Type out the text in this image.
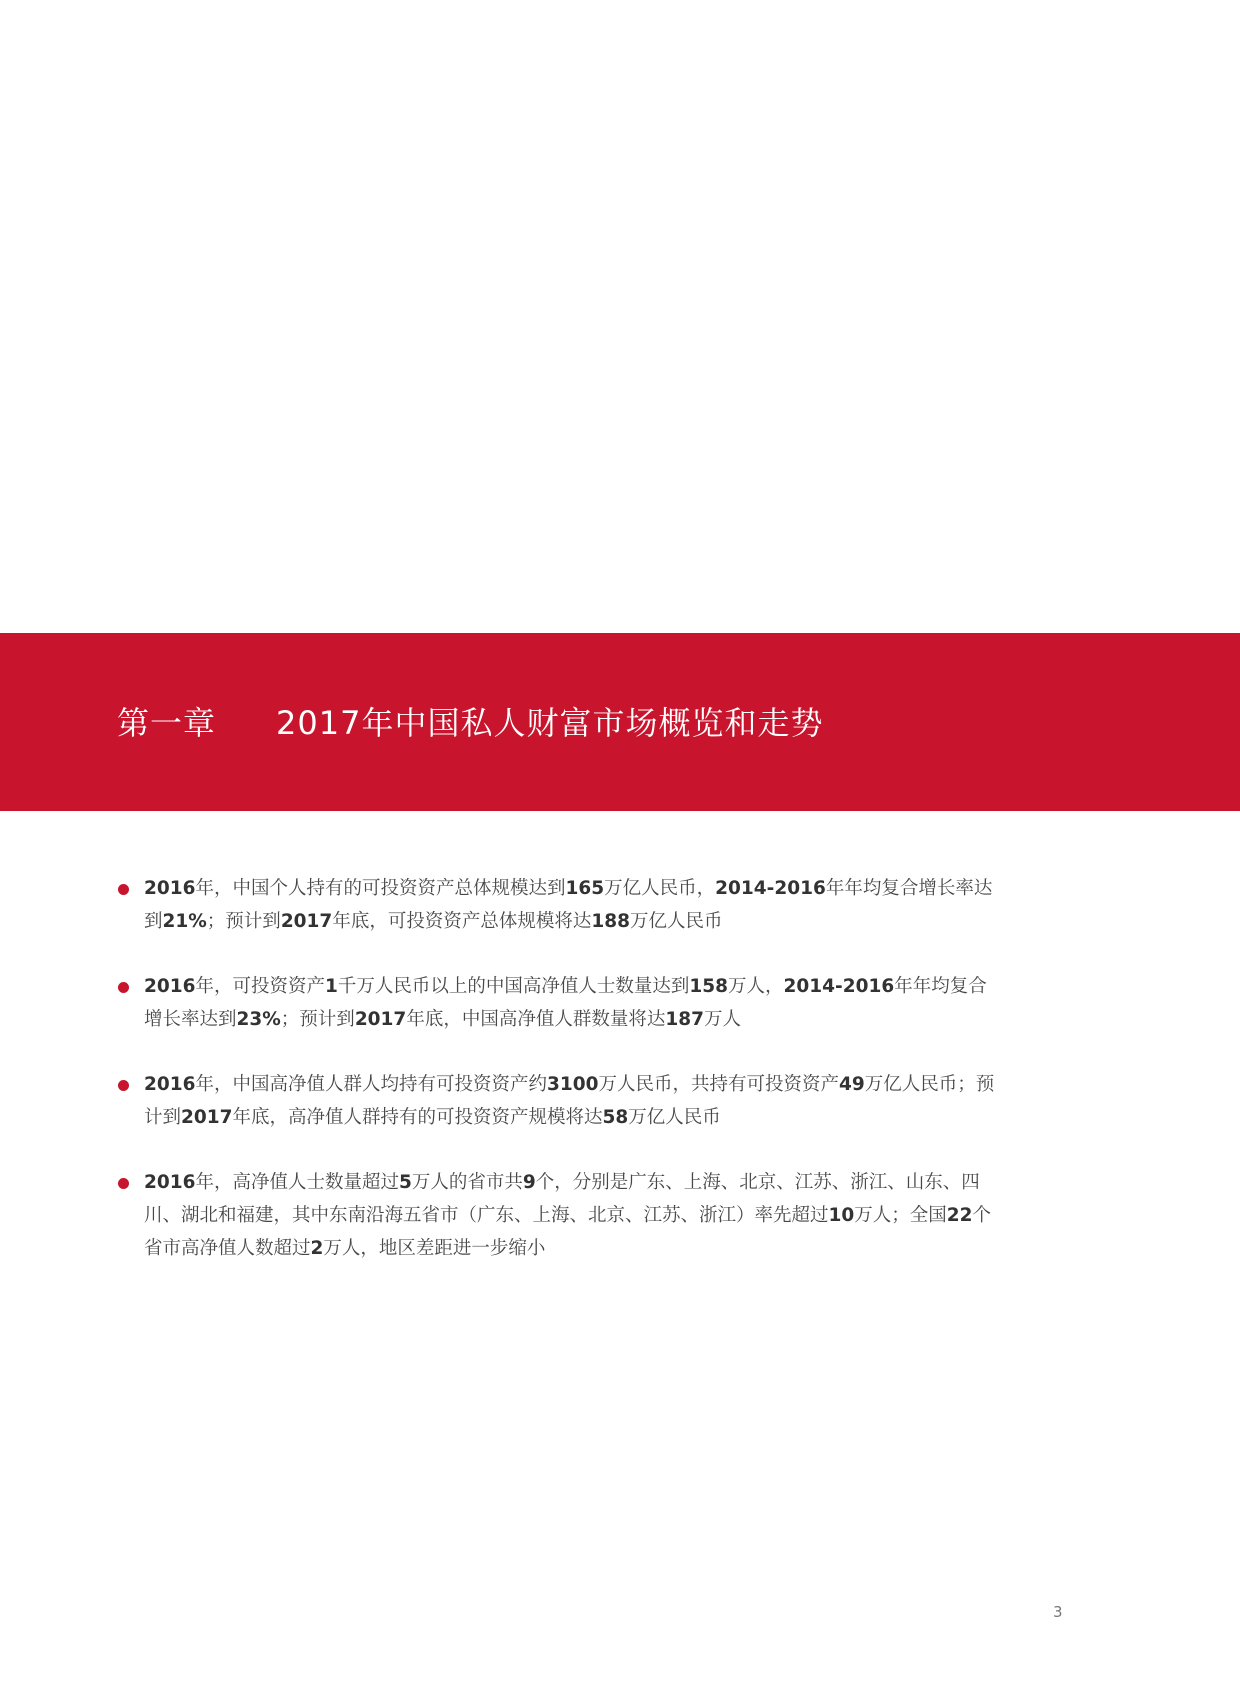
第一章 2017年中国私人财富市场概览和走势
2016年，中国个人持有的可投资资产总体规模达到165万亿人民币，2014-2016年年均复合增长率达到21%；预计到2017年底，可投资资产总体规模将达188万亿人民币
2016年，可投资资产1千万人民币以上的中国高净值人士数量达到158万人，2014-2016年年均复合增长率达到23%；预计到2017年底，中国高净值人群数量将达187万人
2016年，中国高净值人群人均持有可投资资产约3100万人民币，共持有可投资资产49万亿人民币；预计到2017年底，高净值人群持有的可投资资产规模将达58万亿人民币
2016年，高净值人士数量超过5万人的省市共9个，分别是广东、上海、北京、江苏、浙江、山东、四川、湖北和福建，其中东南沿海五省市（广东、上海、北京、江苏、浙江）率先超过10万人；全国22个省市高净值人数超过2万人，地区差距进一步缩小
3
